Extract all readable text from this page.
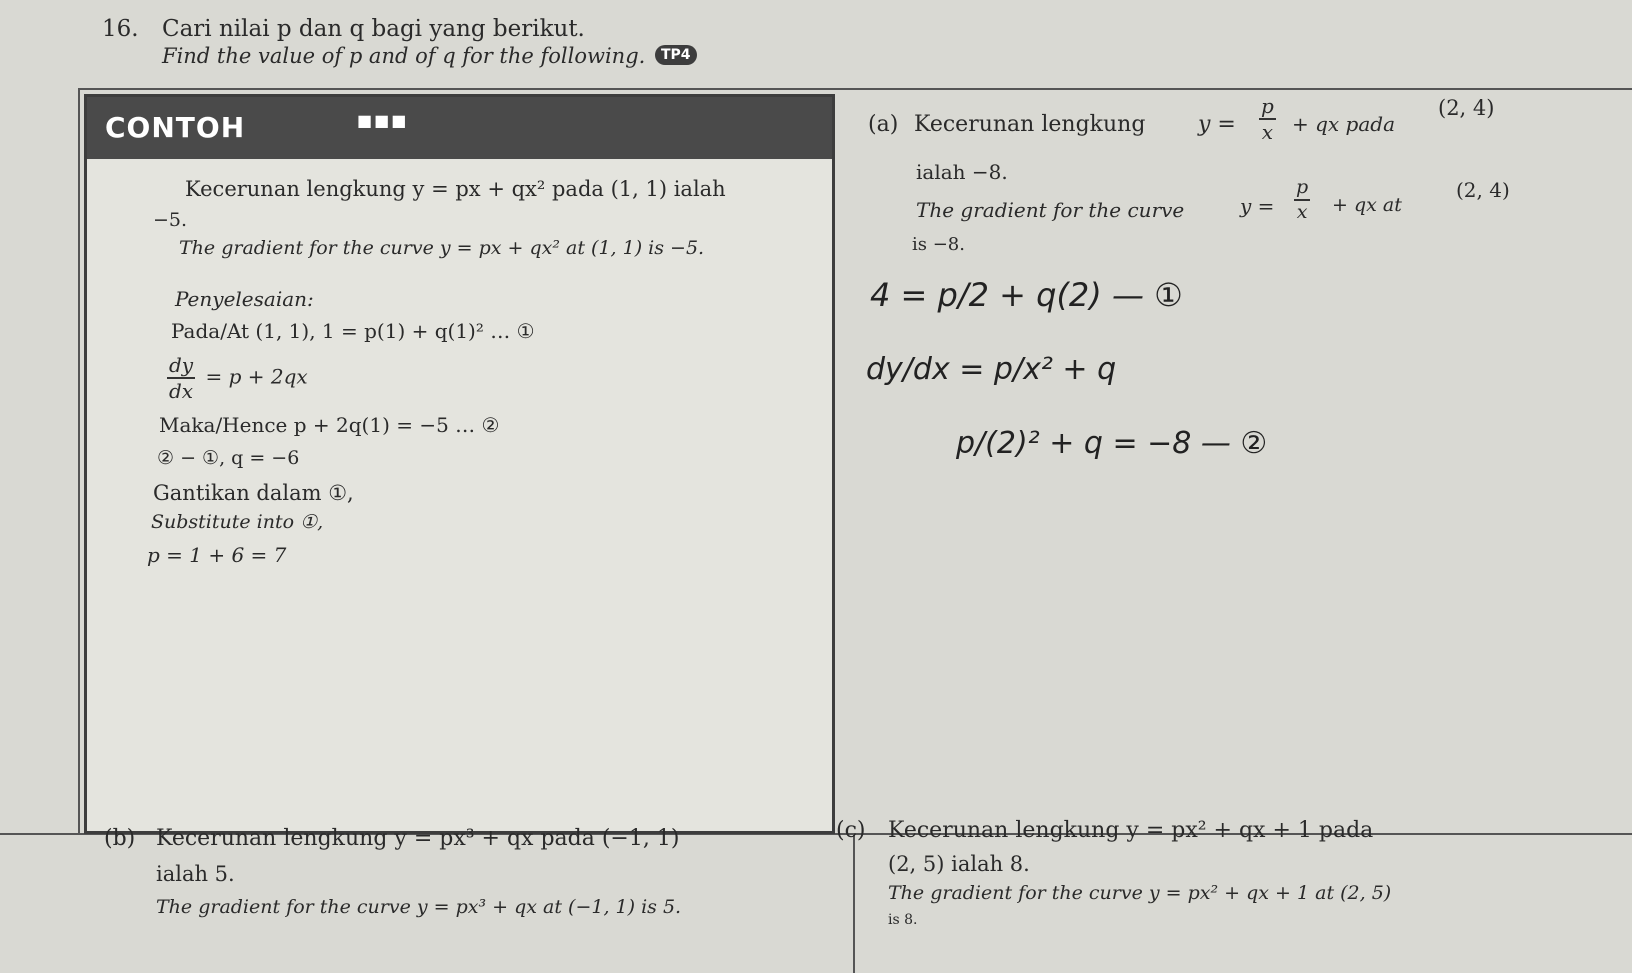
16. Cari nilai p dan q bagi yang berikut.
Find the value of p and of q for the following.	TP4
CONTOH	■■■
Kecerunan lengkung y = px + qx² pada (1, 1) ialah
−5.
The gradient for the curve y = px + qx² at (1, 1) is −5.
Penyelesaian:
Pada/At (1, 1), 1 = p(1) + q(1)² … ①
$\frac{dy}{dx} = p + 2qx$
Maka/Hence p + 2q(1) = −5 … ②
② − ①, q = −6
Gantikan dalam ①,
Substitute into ①,
p = 1 + 6 = 7
(a) Kecerunan lengkung $y = \frac{p}{x}$ + qx pada
(2, 4)
ialah −8.
The gradient for the curve	$y = \frac{p}{x}$ + qx at
(2, 4)
is −8.
4 = p/2 + q(2) — ①
dy/dx = p/x² + q
p/(2)² + q = −8 — ②
(b) Kecerunan lengkung y = px³ + qx pada (−1, 1)
ialah 5.
The gradient for the curve y = px³ + qx at (−1, 1) is 5.
(c) Kecerunan lengkung y = px² + qx + 1 pada
(2, 5) ialah 8.
The gradient for the curve y = px² + qx + 1 at (2, 5)
is 8.
